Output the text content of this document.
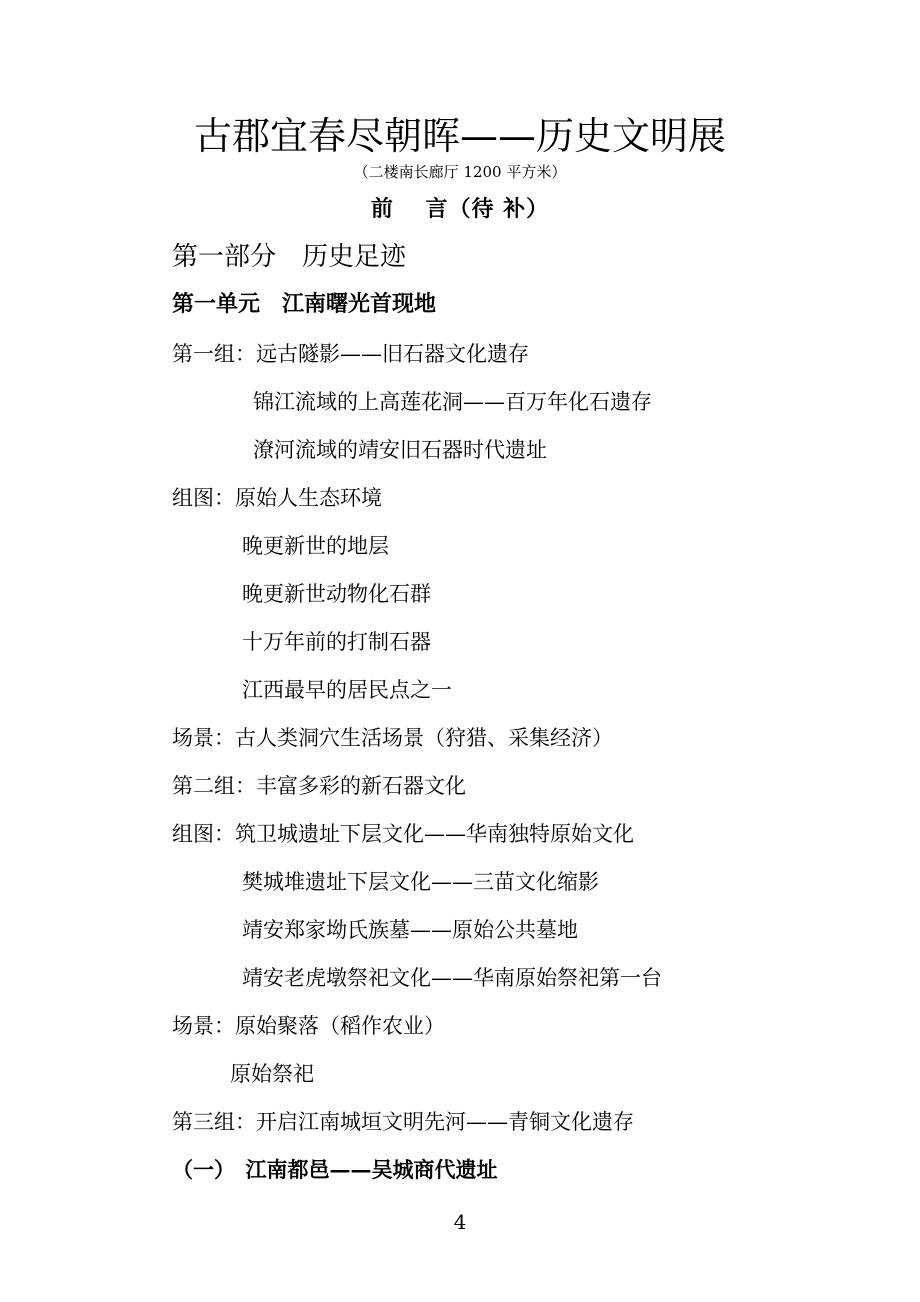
古郡宜春尽朝晖——历史文明展
（二楼南长廊厅 1200 平方米）
前　 言（待 补）
第一部分　历史足迹
第一单元　江南曙光首现地
第一组：远古隧影——旧石器文化遗存
锦江流域的上高莲花洞——百万年化石遗存
潦河流域的靖安旧石器时代遗址
组图：原始人生态环境
晚更新世的地层
晚更新世动物化石群
十万年前的打制石器
江西最早的居民点之一
场景：古人类洞穴生活场景（狩猎、采集经济）
第二组：丰富多彩的新石器文化
组图：筑卫城遗址下层文化——华南独特原始文化
樊城堆遗址下层文化——三苗文化缩影
靖安郑家坳氏族墓——原始公共墓地
靖安老虎墩祭祀文化——华南原始祭祀第一台
场景：原始聚落（稻作农业）
原始祭祀
第三组：开启江南城垣文明先河——青铜文化遗存
（一）　江南都邑——吴城商代遗址
4
